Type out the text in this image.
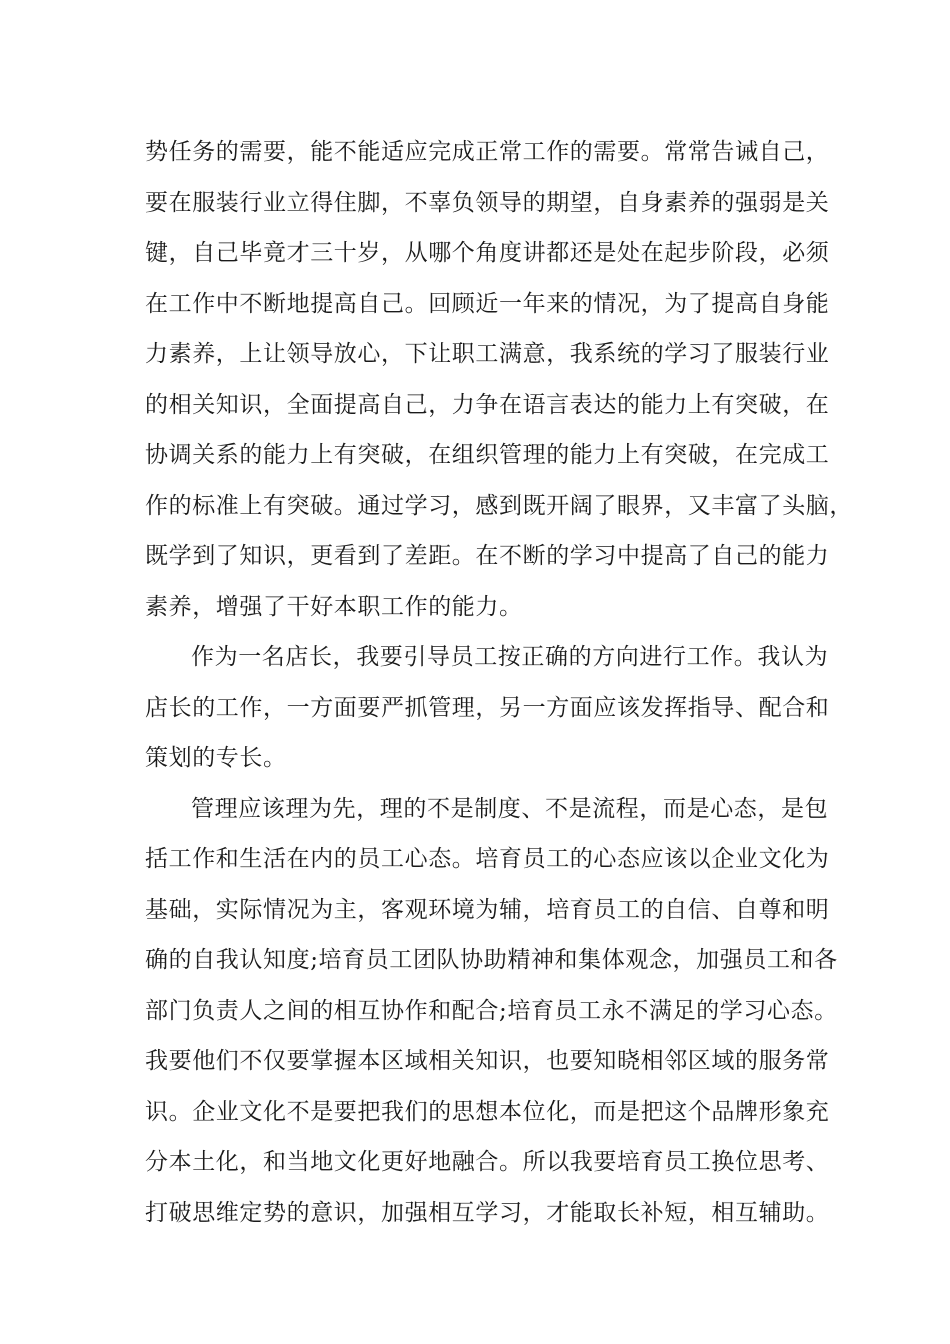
势任务的需要，能不能适应完成正常工作的需要。常常告诫自己，
要在服装行业立得住脚，不辜负领导的期望，自身素养的强弱是关
键，自己毕竟才三十岁，从哪个角度讲都还是处在起步阶段，必须
在工作中不断地提高自己。回顾近一年来的情况，为了提高自身能
力素养，上让领导放心，下让职工满意，我系统的学习了服装行业
的相关知识，全面提高自己，力争在语言表达的能力上有突破，在
协调关系的能力上有突破，在组织管理的能力上有突破，在完成工
作的标准上有突破。通过学习，感到既开阔了眼界，又丰富了头脑，
既学到了知识，更看到了差距。在不断的学习中提高了自己的能力
素养，增强了干好本职工作的能力。
作为一名店长，我要引导员工按正确的方向进行工作。我认为
店长的工作，一方面要严抓管理，另一方面应该发挥指导、配合和
策划的专长。
管理应该理为先，理的不是制度、不是流程，而是心态，是包
括工作和生活在内的员工心态。培育员工的心态应该以企业文化为
基础，实际情况为主，客观环境为辅，培育员工的自信、自尊和明
确的自我认知度;培育员工团队协助精神和集体观念，加强员工和各
部门负责人之间的相互协作和配合;培育员工永不满足的学习心态。
我要他们不仅要掌握本区域相关知识，也要知晓相邻区域的服务常
识。企业文化不是要把我们的思想本位化，而是把这个品牌形象充
分本土化，和当地文化更好地融合。所以我要培育员工换位思考、
打破思维定势的意识，加强相互学习，才能取长补短，相互辅助。
